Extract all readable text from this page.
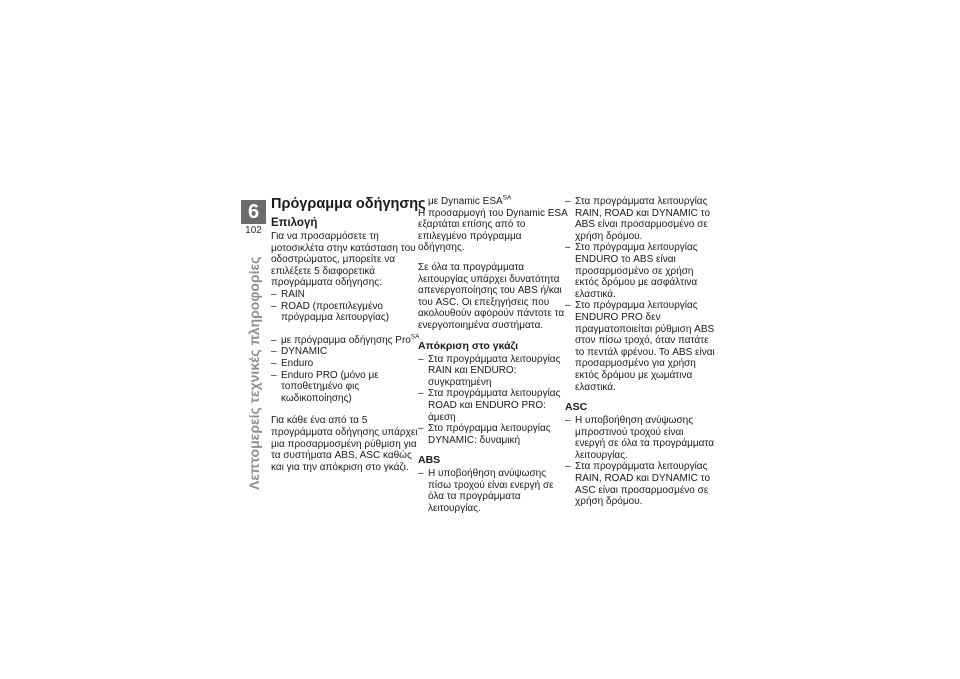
6
102
Λεπτομερείς τεχνικές πληροφορίες
Πρόγραμμα οδήγησης
Επιλογή
Για να προσαρμόσετε τη μοτοσικλέτα στην κατάσταση του οδοστρώματος, μπορείτε να επιλέξετε 5 διαφορετικά προγράμματα οδήγησης:
– RAIN
– ROAD (προεπιλεγμένο πρόγραμμα λειτουργίας)
– με πρόγραμμα οδήγησης Pro$^{SA}$
– DYNAMIC
– Enduro
– Enduro PRO (μόνο με τοποθετημένο φις κωδικοποίησης)
Για κάθε ένα από τα 5 προγράμματα οδήγησης υπάρχει μια προσαρμοσμένη ρύθμιση για τα συστήματα ABS, ASC καθώς και για την απόκριση στο γκάζι.
– με Dynamic $ESA^{SA}$

Η προσαρμογή του Dynamic ESA εξαρτάται επίσης από το επιλεγμένο πρόγραμμα οδήγησης.

Σε όλα τα προγράμματα λειτουργίας υπάρχει δυνατότητα απενεργοποίησης του ABS ή/και του ASC. Οι επεξηγήσεις που ακολουθούν αφορούν πάντοτε τα ενεργοποιημένα συστήματα.

Απόκριση στο γκάζι
– Στα προγράμματα λειτουργίας RAIN και ENDURO: συγκρατημένη
– Στα προγράμματα λειτουργίας ROAD και ENDURO PRO: άμεση
– Στο πρόγραμμα λειτουργίας DYNAMIC: δυναμική
ABS
– Η υποβοήθηση ανύψωσης πίσω τροχού είναι ενεργή σε όλα τα προγράμματα λειτουργίας.
– Στα προγράμματα λειτουργίας RAIN, ROAD και DYNAMIC το ABS είναι προσαρμοσμένο σε χρήση δρόμου.
– Στο πρόγραμμα λειτουργίας ENDURO το ABS είναι προσαρμοσμένο σε χρήση εκτός δρόμου με ασφάλτινα ελαστικά.
– Στο πρόγραμμα λειτουργίας ENDURO PRO δεν πραγματοποιείται ρύθμιση ABS στον πίσω τροχό, όταν πατάτε το πεντάλ φρένου. Το ABS είναι προσαρμοσμένο για χρήση εκτός δρόμου με χωμάτινα ελαστικά.
ASC
– Η υποβοήθηση ανύψωσης μπροστινού τροχού είναι ενεργή σε όλα τα προγράμματα λειτουργίας.
– Στα προγράμματα λειτουργίας RAIN, ROAD και DYNAMIC το ASC είναι προσαρμοσμένο σε χρήση δρόμου.
